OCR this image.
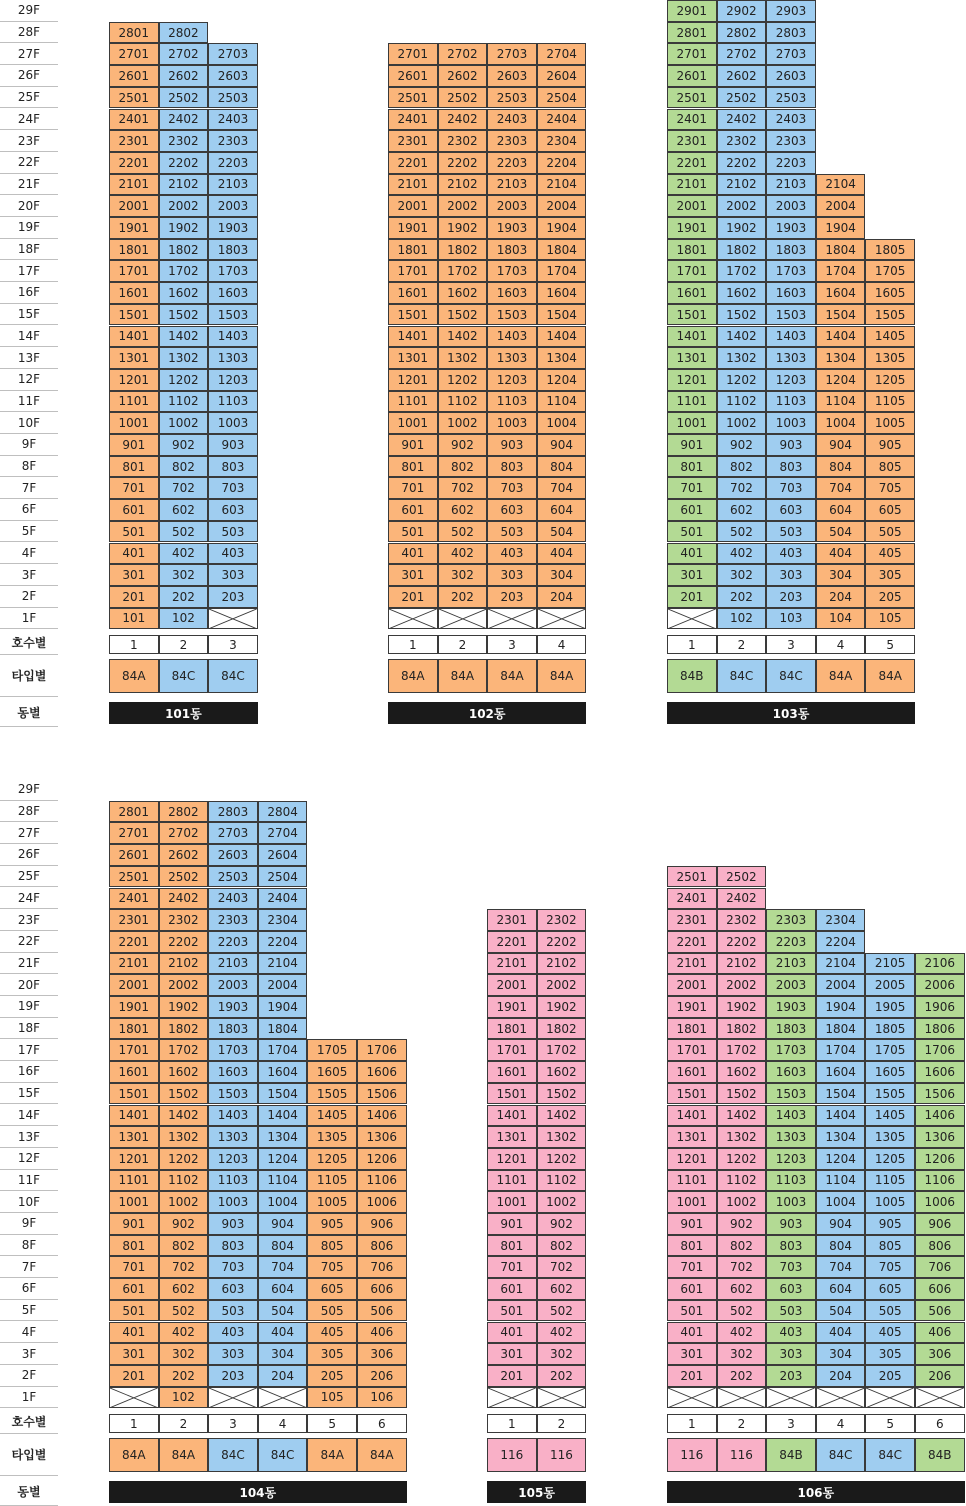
29F
28F
27F
26F
25F
24F
23F
22F
21F
20F
19F
18F
17F
16F
15F
14F
13F
12F
11F
10F
9F
8F
7F
6F
5F
4F
3F
2F
1F
호수별
타입별
동별
29F
28F
27F
26F
25F
24F
23F
22F
21F
20F
19F
18F
17F
16F
15F
14F
13F
12F
11F
10F
9F
8F
7F
6F
5F
4F
3F
2F
1F
호수별
타입별
동별
2801
2701
2601
2501
2401
2301
2201
2101
2001
1901
1801
1701
1601
1501
1401
1301
1201
1101
1001
901
801
701
601
501
401
301
201
101
1
84A
2802
2702
2602
2502
2402
2302
2202
2102
2002
1902
1802
1702
1602
1502
1402
1302
1202
1102
1002
902
802
702
602
502
402
302
202
102
2
84C
2703
2603
2503
2403
2303
2203
2103
2003
1903
1803
1703
1603
1503
1403
1303
1203
1103
1003
903
803
703
603
503
403
303
203
3
84C
101동
2701
2601
2501
2401
2301
2201
2101
2001
1901
1801
1701
1601
1501
1401
1301
1201
1101
1001
901
801
701
601
501
401
301
201
1
84A
2702
2602
2502
2402
2302
2202
2102
2002
1902
1802
1702
1602
1502
1402
1302
1202
1102
1002
902
802
702
602
502
402
302
202
2
84A
2703
2603
2503
2403
2303
2203
2103
2003
1903
1803
1703
1603
1503
1403
1303
1203
1103
1003
903
803
703
603
503
403
303
203
3
84A
2704
2604
2504
2404
2304
2204
2104
2004
1904
1804
1704
1604
1504
1404
1304
1204
1104
1004
904
804
704
604
504
404
304
204
4
84A
102동
2901
2801
2701
2601
2501
2401
2301
2201
2101
2001
1901
1801
1701
1601
1501
1401
1301
1201
1101
1001
901
801
701
601
501
401
301
201
1
84B
2902
2802
2702
2602
2502
2402
2302
2202
2102
2002
1902
1802
1702
1602
1502
1402
1302
1202
1102
1002
902
802
702
602
502
402
302
202
102
2
84C
2903
2803
2703
2603
2503
2403
2303
2203
2103
2003
1903
1803
1703
1603
1503
1403
1303
1203
1103
1003
903
803
703
603
503
403
303
203
103
3
84C
2104
2004
1904
1804
1704
1604
1504
1404
1304
1204
1104
1004
904
804
704
604
504
404
304
204
104
4
84A
1805
1705
1605
1505
1405
1305
1205
1105
1005
905
805
705
605
505
405
305
205
105
5
84A
103동
2801
2701
2601
2501
2401
2301
2201
2101
2001
1901
1801
1701
1601
1501
1401
1301
1201
1101
1001
901
801
701
601
501
401
301
201
1
84A
2802
2702
2602
2502
2402
2302
2202
2102
2002
1902
1802
1702
1602
1502
1402
1302
1202
1102
1002
902
802
702
602
502
402
302
202
102
2
84A
2803
2703
2603
2503
2403
2303
2203
2103
2003
1903
1803
1703
1603
1503
1403
1303
1203
1103
1003
903
803
703
603
503
403
303
203
3
84C
2804
2704
2604
2504
2404
2304
2204
2104
2004
1904
1804
1704
1604
1504
1404
1304
1204
1104
1004
904
804
704
604
504
404
304
204
4
84C
1705
1605
1505
1405
1305
1205
1105
1005
905
805
705
605
505
405
305
205
105
5
84A
1706
1606
1506
1406
1306
1206
1106
1006
906
806
706
606
506
406
306
206
106
6
84A
104동
2301
2201
2101
2001
1901
1801
1701
1601
1501
1401
1301
1201
1101
1001
901
801
701
601
501
401
301
201
1
116
2302
2202
2102
2002
1902
1802
1702
1602
1502
1402
1302
1202
1102
1002
902
802
702
602
502
402
302
202
2
116
105동
2501
2401
2301
2201
2101
2001
1901
1801
1701
1601
1501
1401
1301
1201
1101
1001
901
801
701
601
501
401
301
201
1
116
2502
2402
2302
2202
2102
2002
1902
1802
1702
1602
1502
1402
1302
1202
1102
1002
902
802
702
602
502
402
302
202
2
116
2303
2203
2103
2003
1903
1803
1703
1603
1503
1403
1303
1203
1103
1003
903
803
703
603
503
403
303
203
3
84B
2304
2204
2104
2004
1904
1804
1704
1604
1504
1404
1304
1204
1104
1004
904
804
704
604
504
404
304
204
4
84C
2105
2005
1905
1805
1705
1605
1505
1405
1305
1205
1105
1005
905
805
705
605
505
405
305
205
5
84C
2106
2006
1906
1806
1706
1606
1506
1406
1306
1206
1106
1006
906
806
706
606
506
406
306
206
6
84B
106동
